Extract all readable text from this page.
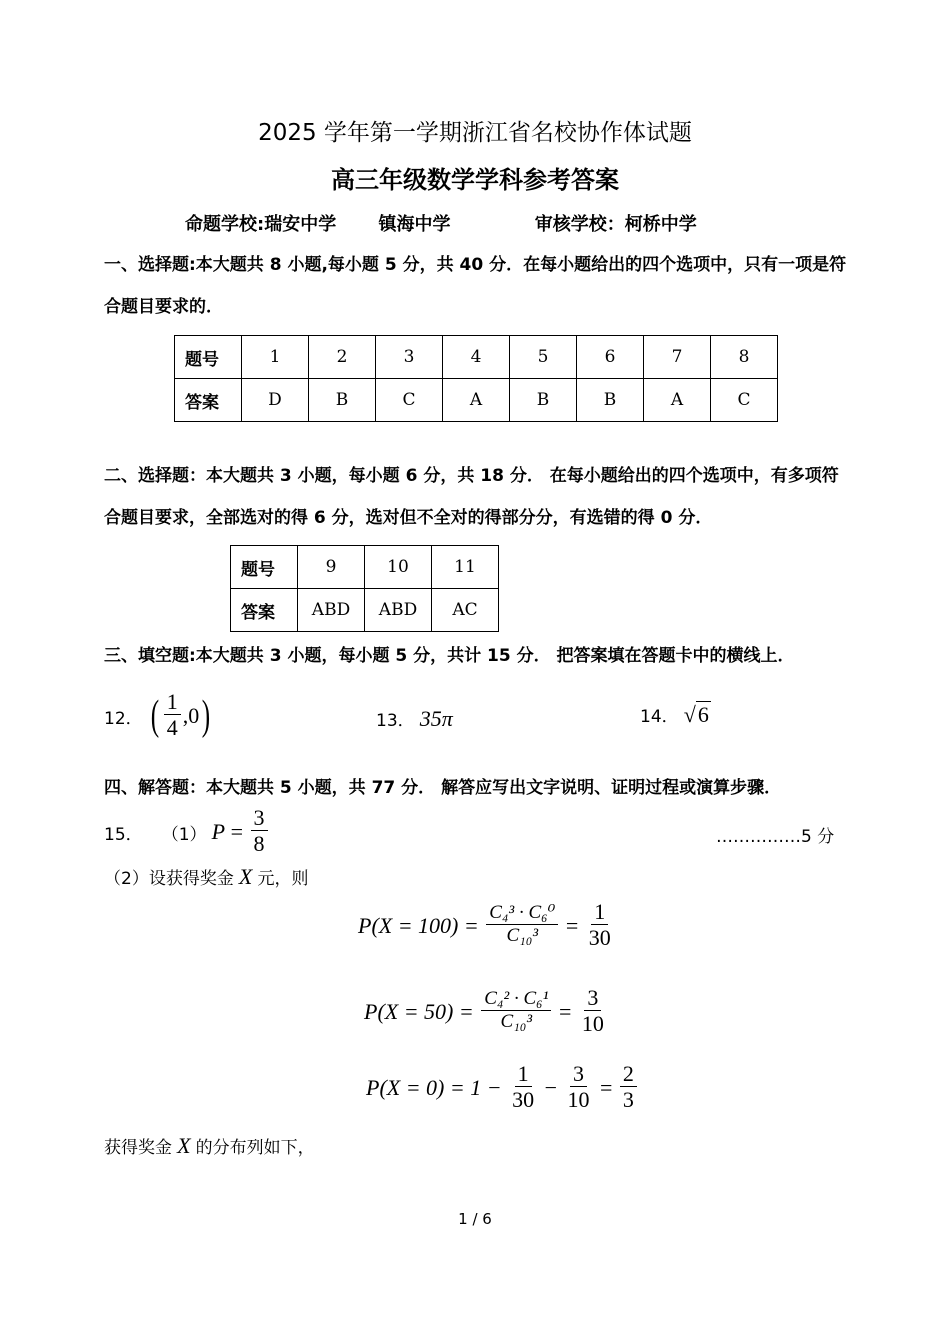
2025 学年第一学期浙江省名校协作体试题
高三年级数学学科参考答案
命题学校:瑞安中学 镇海中学	审核学校：柯桥中学
一、选择题:本大题共 8 小题,每小题 5 分，共 40 分．在每小题给出的四个选项中，只有一项是符合题目要求的．
题号	1	2	3	4	5	6	7	8
答案	D	B	C	A	B	B	A	C
二、选择题：本大题共 3 小题，每小题 6 分，共 18 分． 在每小题给出的四个选项中，有多项符合题目要求，全部选对的得 6 分，选对但不全对的得部分分，有选错的得 0 分．
题号	9	10	11
答案	ABD	ABD	AC
三、填空题:本大题共 3 小题，每小题 5 分，共计 15 分． 把答案填在答题卡中的横线上．
12． ( $\frac{1}{4} ,0$)	13． 35π	14． √6
四、解答题：本大题共 5 小题，共 77 分． 解答应写出文字说明、证明过程或演算步骤．
15． （1） $P = \frac{3}{8}$	……………5 分
（2）设获得奖金 X 元，则
$P(X = 100) = \frac{\text{C₄³ · C₆⁰}}{\text{C₁₀³}} = \frac{1}{30}$
$P(X = 50) = \frac{\text{C₄² · C₆¹}}{\text{C₁₀³}} = \frac{3}{10}$
$P(X = 0) = 1 - \frac{1}{30} - \frac{3}{10} = \frac{2}{3}$
获得奖金 X 的分布列如下，
1 / 6
